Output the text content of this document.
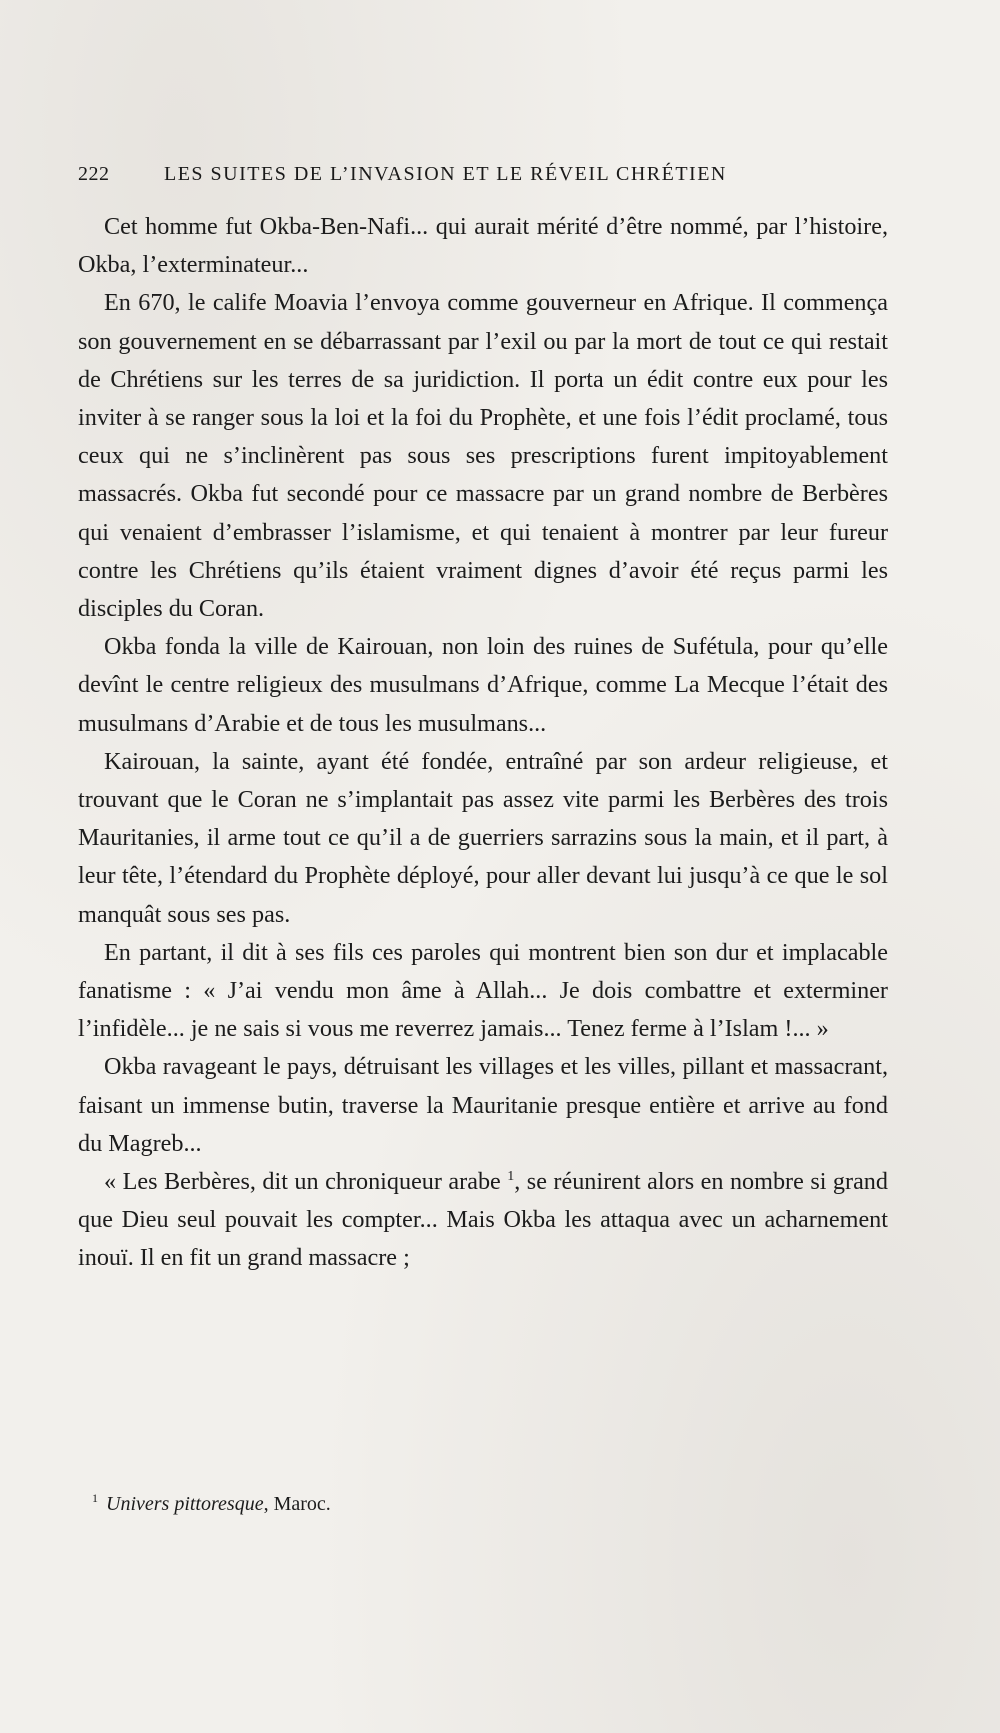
222	LES SUITES DE L’INVASION ET LE RÉVEIL CHRÉTIEN

Cet homme fut Okba-Ben-Nafi... qui aurait mérité d’être nommé, par l’histoire, Okba, l’exterminateur...

En 670, le calife Moavia l’envoya comme gouverneur en Afrique. Il commença son gouvernement en se débarrassant par l’exil ou par la mort de tout ce qui restait de Chrétiens sur les terres de sa juridiction. Il porta un édit contre eux pour les inviter à se ranger sous la loi et la foi du Prophète, et une fois l’édit proclamé, tous ceux qui ne s’inclinèrent pas sous ses prescriptions furent impitoyablement massacrés. Okba fut secondé pour ce massacre par un grand nombre de Berbères qui venaient d’embrasser l’islamisme, et qui tenaient à montrer par leur fureur contre les Chrétiens qu’ils étaient vraiment dignes d’avoir été reçus parmi les disciples du Coran.

Okba fonda la ville de Kairouan, non loin des ruines de Sufétula, pour qu’elle devînt le centre religieux des musulmans d’Afrique, comme La Mecque l’était des musulmans d’Arabie et de tous les musulmans...

Kairouan, la sainte, ayant été fondée, entraîné par son ardeur religieuse, et trouvant que le Coran ne s’implantait pas assez vite parmi les Berbères des trois Mauritanies, il arme tout ce qu’il a de guerriers sarrazins sous la main, et il part, à leur tête, l’étendard du Prophète déployé, pour aller devant lui jusqu’à ce que le sol manquât sous ses pas.

En partant, il dit à ses fils ces paroles qui montrent bien son dur et implacable fanatisme : « J’ai vendu mon âme à Allah... Je dois combattre et exterminer l’infidèle... je ne sais si vous me reverrez jamais... Tenez ferme à l’Islam !... »

Okba ravageant le pays, détruisant les villages et les villes, pillant et massacrant, faisant un immense butin, traverse la Mauritanie presque entière et arrive au fond du Magreb...

« Les Berbères, dit un chroniqueur arabe $^1$, se réunirent alors en nombre si grand que Dieu seul pouvait les compter... Mais Okba les attaqua avec un acharnement inouï. Il en fit un grand massacre ;

$^1$ Univers pittoresque, Maroc.
